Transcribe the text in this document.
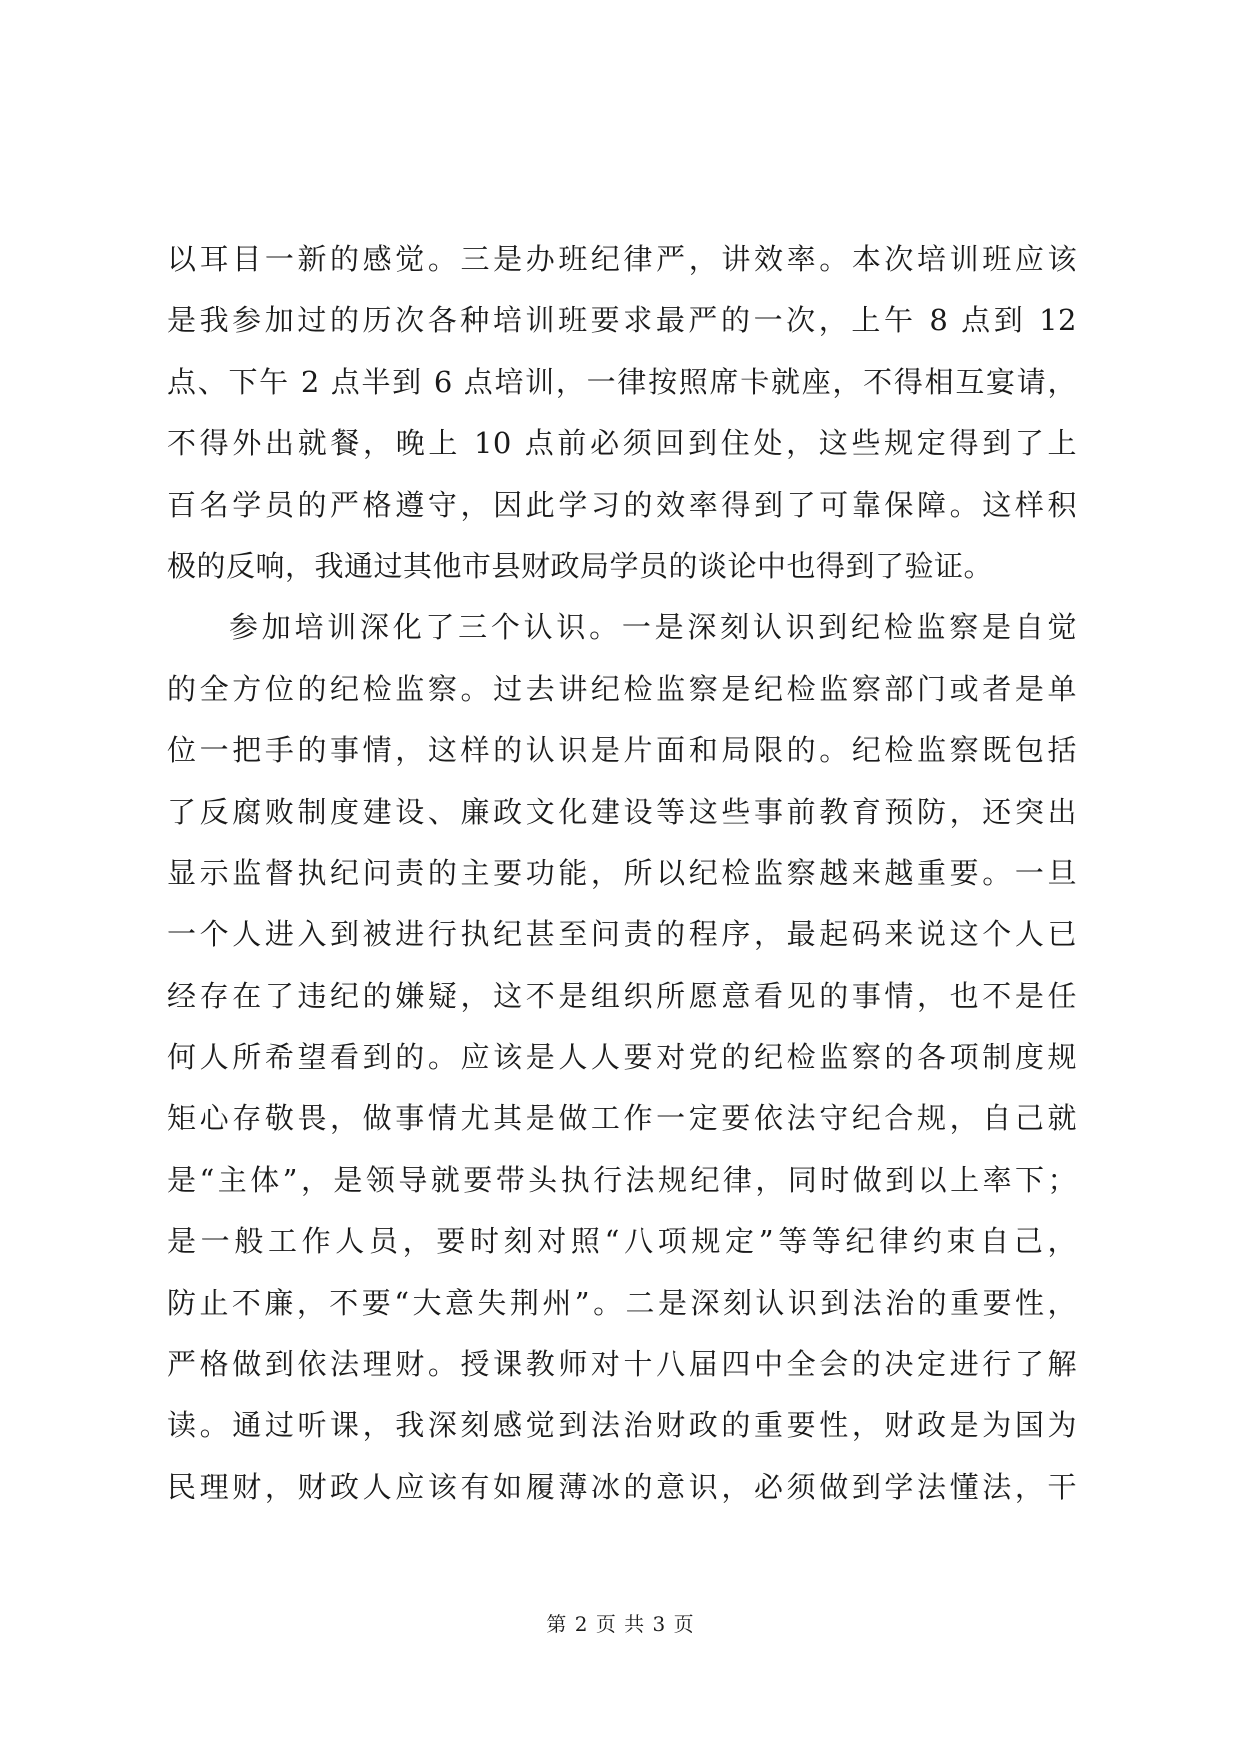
以耳目一新的感觉。三是办班纪律严，讲效率。本次培训班应该
是我参加过的历次各种培训班要求最严的一次，上午 8 点到 12
点、下午 2 点半到 6 点培训，一律按照席卡就座，不得相互宴请，
不得外出就餐，晚上 10 点前必须回到住处，这些规定得到了上
百名学员的严格遵守，因此学习的效率得到了可靠保障。这样积
极的反响，我通过其他市县财政局学员的谈论中也得到了验证。
参加培训深化了三个认识。一是深刻认识到纪检监察是自觉
的全方位的纪检监察。过去讲纪检监察是纪检监察部门或者是单
位一把手的事情，这样的认识是片面和局限的。纪检监察既包括
了反腐败制度建设、廉政文化建设等这些事前教育预防，还突出
显示监督执纪问责的主要功能，所以纪检监察越来越重要。一旦
一个人进入到被进行执纪甚至问责的程序，最起码来说这个人已
经存在了违纪的嫌疑，这不是组织所愿意看见的事情，也不是任
何人所希望看到的。应该是人人要对党的纪检监察的各项制度规
矩心存敬畏，做事情尤其是做工作一定要依法守纪合规，自己就
是“主体”，是领导就要带头执行法规纪律，同时做到以上率下；
是一般工作人员，要时刻对照“八项规定”等等纪律约束自己，
防止不廉，不要“大意失荆州”。二是深刻认识到法治的重要性，
严格做到依法理财。授课教师对十八届四中全会的决定进行了解
读。通过听课，我深刻感觉到法治财政的重要性，财政是为国为
民理财，财政人应该有如履薄冰的意识，必须做到学法懂法，干
第 2 页 共 3 页
